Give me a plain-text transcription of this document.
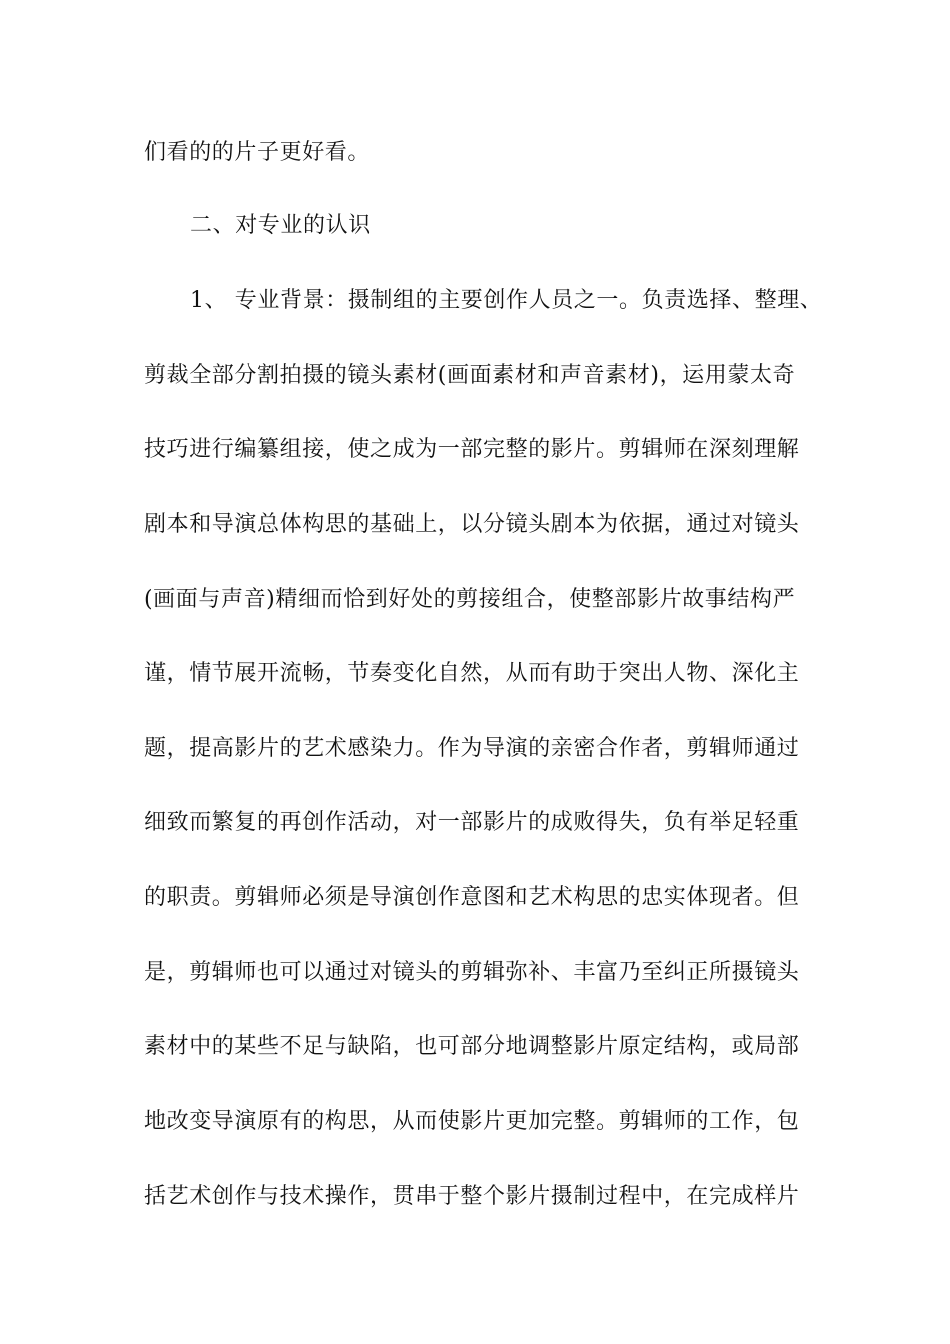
们看的的片子更好看。
二、对专业的认识
1、 专业背景：摄制组的主要创作人员之一。负责选择、整理、
剪裁全部分割拍摄的镜头素材(画面素材和声音素材)，运用蒙太奇
技巧进行编纂组接，使之成为一部完整的影片。剪辑师在深刻理解
剧本和导演总体构思的基础上，以分镜头剧本为依据，通过对镜头
(画面与声音)精细而恰到好处的剪接组合，使整部影片故事结构严
谨，情节展开流畅，节奏变化自然，从而有助于突出人物、深化主
题，提高影片的艺术感染力。作为导演的亲密合作者，剪辑师通过
细致而繁复的再创作活动，对一部影片的成败得失，负有举足轻重
的职责。剪辑师必须是导演创作意图和艺术构思的忠实体现者。但
是，剪辑师也可以通过对镜头的剪辑弥补、丰富乃至纠正所摄镜头
素材中的某些不足与缺陷，也可部分地调整影片原定结构，或局部
地改变导演原有的构思，从而使影片更加完整。剪辑师的工作，包
括艺术创作与技术操作，贯串于整个影片摄制过程中，在完成样片
